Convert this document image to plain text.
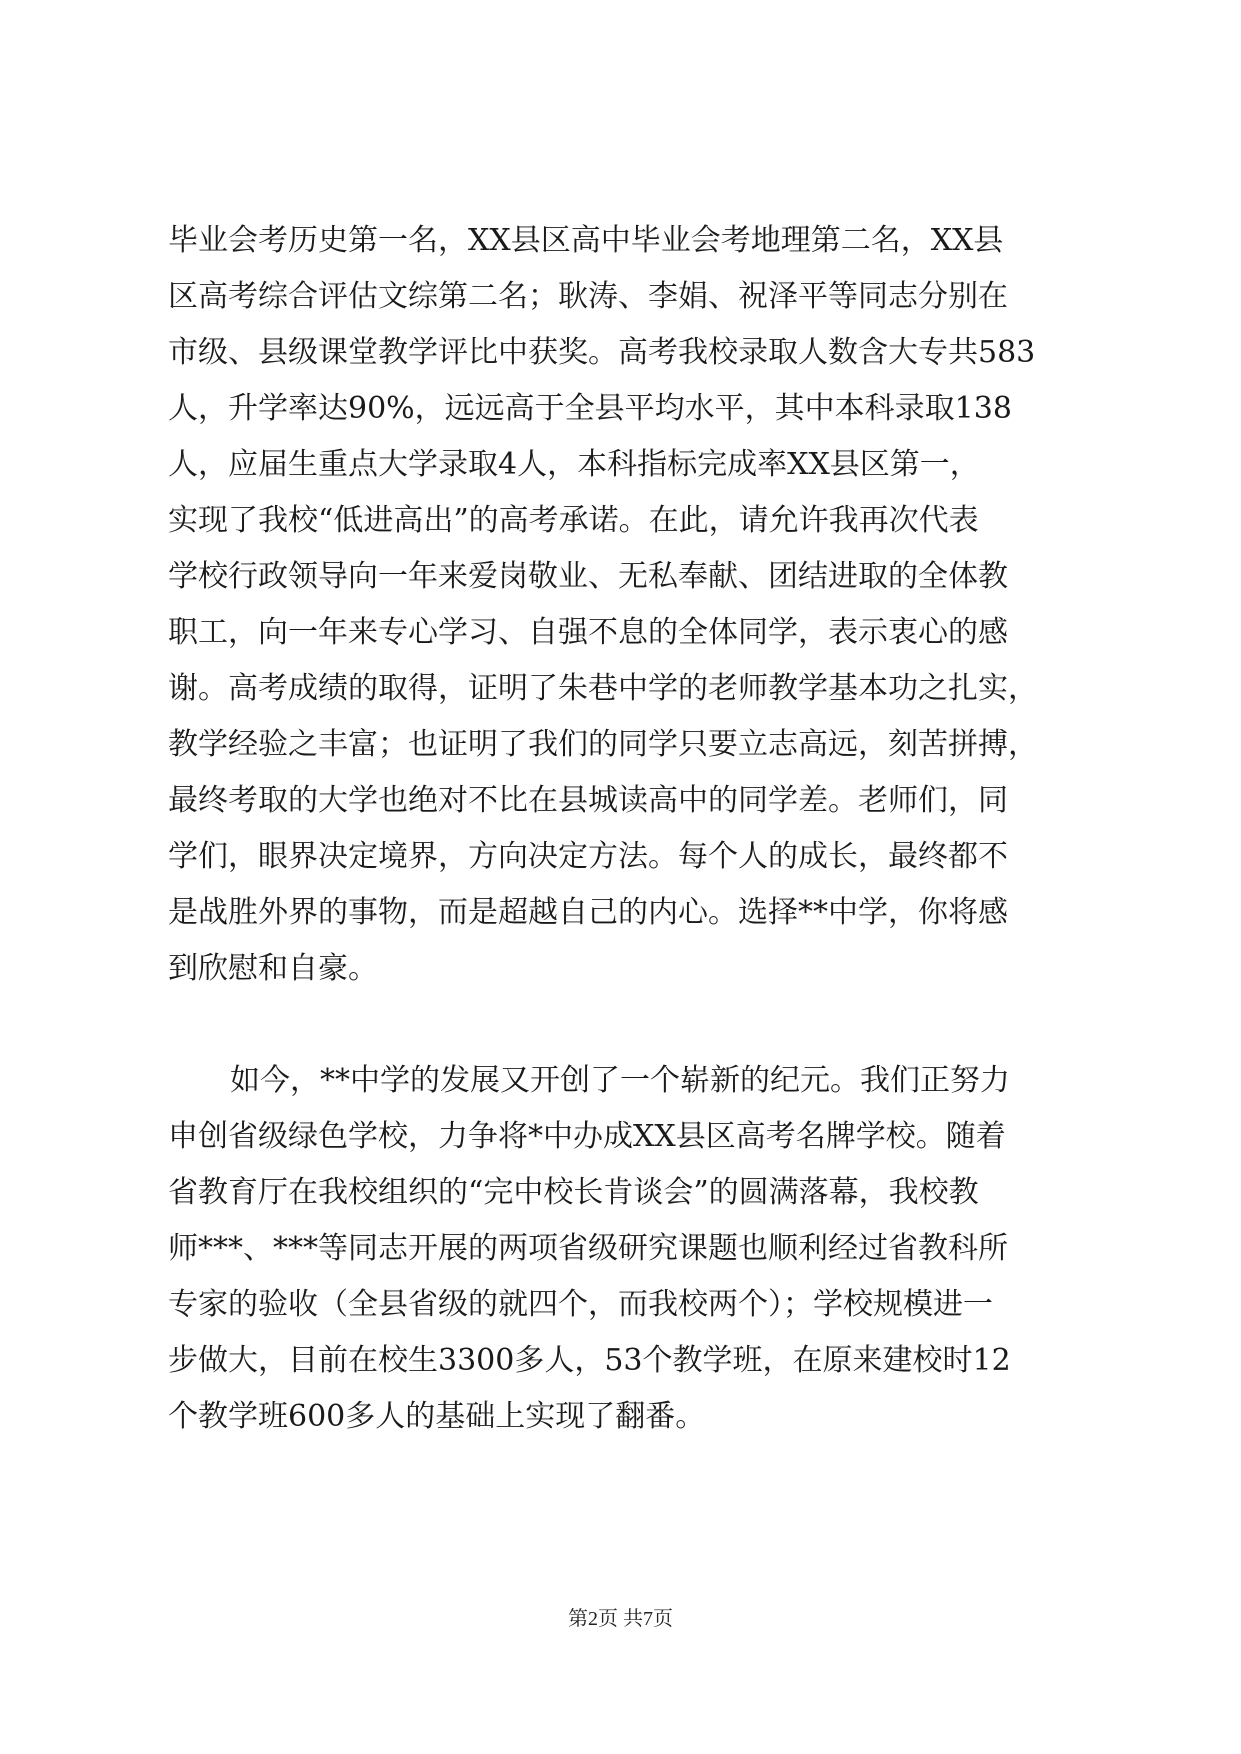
毕业会考历史第一名，XX县区高中毕业会考地理第二名，XX县
区高考综合评估文综第二名；耿涛、李娟、祝泽平等同志分别在
市级、县级课堂教学评比中获奖。高考我校录取人数含大专共583
人，升学率达90%，远远高于全县平均水平，其中本科录取138
人，应届生重点大学录取4人，本科指标完成率XX县区第一，
实现了我校“低进高出”的高考承诺。在此，请允许我再次代表
学校行政领导向一年来爱岗敬业、无私奉献、团结进取的全体教
职工，向一年来专心学习、自强不息的全体同学，表示衷心的感
谢。高考成绩的取得，证明了朱巷中学的老师教学基本功之扎实，
教学经验之丰富；也证明了我们的同学只要立志高远，刻苦拼搏，
最终考取的大学也绝对不比在县城读高中的同学差。老师们，同
学们，眼界决定境界，方向决定方法。每个人的成长，最终都不
是战胜外界的事物，而是超越自己的内心。选择**中学，你将感
到欣慰和自豪。
如今，**中学的发展又开创了一个崭新的纪元。我们正努力
申创省级绿色学校，力争将*中办成XX县区高考名牌学校。随着
省教育厅在我校组织的“完中校长肯谈会”的圆满落幕，我校教
师***、***等同志开展的两项省级研究课题也顺利经过省教科所
专家的验收（全县省级的就四个，而我校两个）；学校规模进一
步做大，目前在校生3300多人，53个教学班，在原来建校时12
个教学班600多人的基础上实现了翻番。
第2页 共7页
